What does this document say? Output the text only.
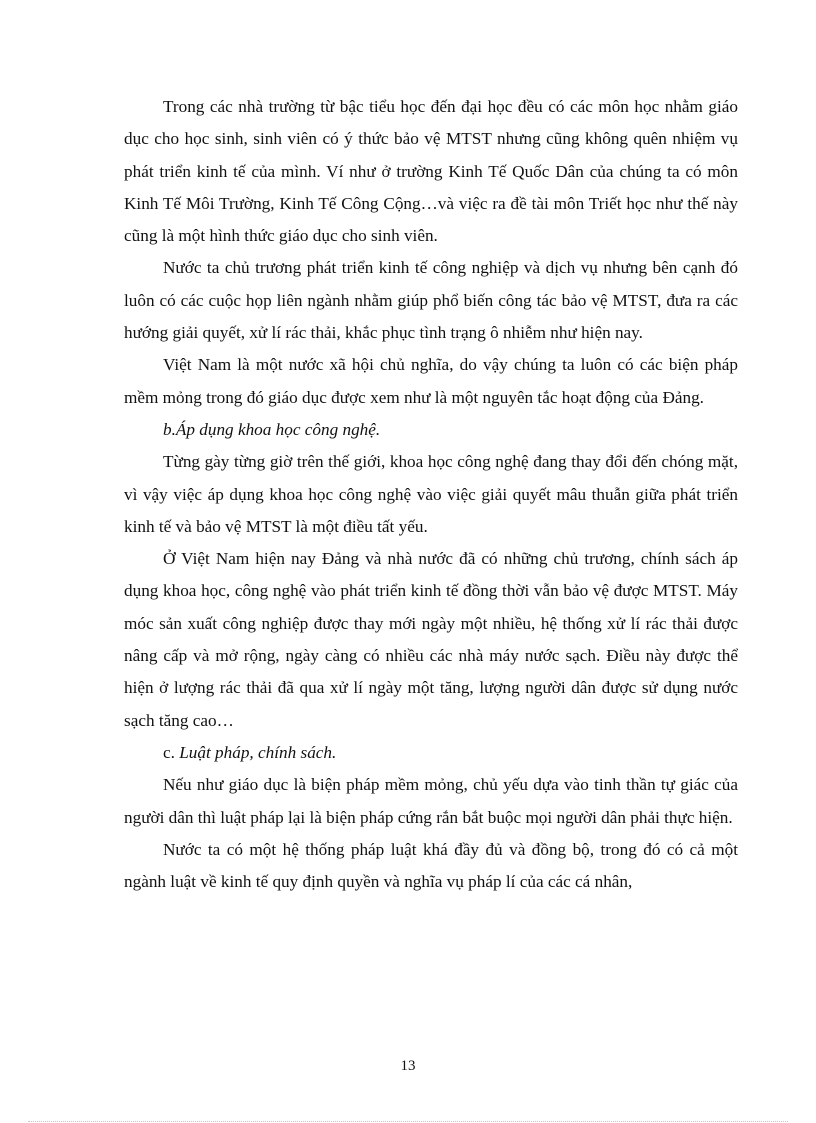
Trong các nhà trường từ bậc tiểu học đến đại học đều có các môn học nhằm giáo dục cho học sinh, sinh viên có ý thức bảo vệ MTST nhưng cũng không quên nhiệm vụ phát triển kinh tế của mình. Ví như ở trường Kinh Tế Quốc Dân của chúng ta có môn Kinh Tế Môi Trường, Kinh Tế Công Cộng…và việc ra đề tài môn Triết học như thế này cũng là một hình thức giáo dục cho sinh viên.

Nước ta chủ trương phát triển kinh tế công nghiệp và dịch vụ nhưng bên cạnh đó luôn có các cuộc họp liên ngành nhằm giúp phổ biến công tác bảo vệ MTST, đưa ra các hướng giải quyết, xử lí rác thải, khắc phục tình trạng ô nhiễm như hiện nay.

Việt Nam là một nước xã hội chủ nghĩa, do vậy chúng ta luôn có các biện pháp mềm mỏng trong đó giáo dục được xem như là một nguyên tắc hoạt động của Đảng.

b.Áp dụng khoa học công nghệ.

Từng gày từng giờ trên thế giới, khoa học công nghệ đang thay đổi đến chóng mặt, vì vậy việc áp dụng khoa học công nghệ vào việc giải quyết mâu thuẫn giữa phát triển kinh tế và bảo vệ MTST là một điều tất yếu.

Ở Việt Nam hiện nay Đảng và nhà nước đã có những chủ trương, chính sách áp dụng khoa học, công nghệ vào phát triển kinh tế đồng thời vẫn bảo vệ được MTST. Máy móc sản xuất công nghiệp được thay mới ngày một nhiều, hệ thống xử lí rác thải được nâng cấp và mở rộng, ngày càng có nhiều các nhà máy nước sạch. Điều này được thể hiện ở lượng rác thải đã qua xử lí ngày một tăng, lượng người dân được sử dụng nước sạch tăng cao…

c. Luật pháp, chính sách.

Nếu như giáo dục là biện pháp mềm mỏng, chủ yếu dựa vào tinh thần tự giác của người dân thì luật pháp lại là biện pháp cứng rắn bắt buộc mọi người dân phải thực hiện.

Nước ta có một hệ thống pháp luật khá đầy đủ và đồng bộ, trong đó có cả một ngành luật về kinh tế quy định quyền và nghĩa vụ pháp lí của các cá nhân,

13
